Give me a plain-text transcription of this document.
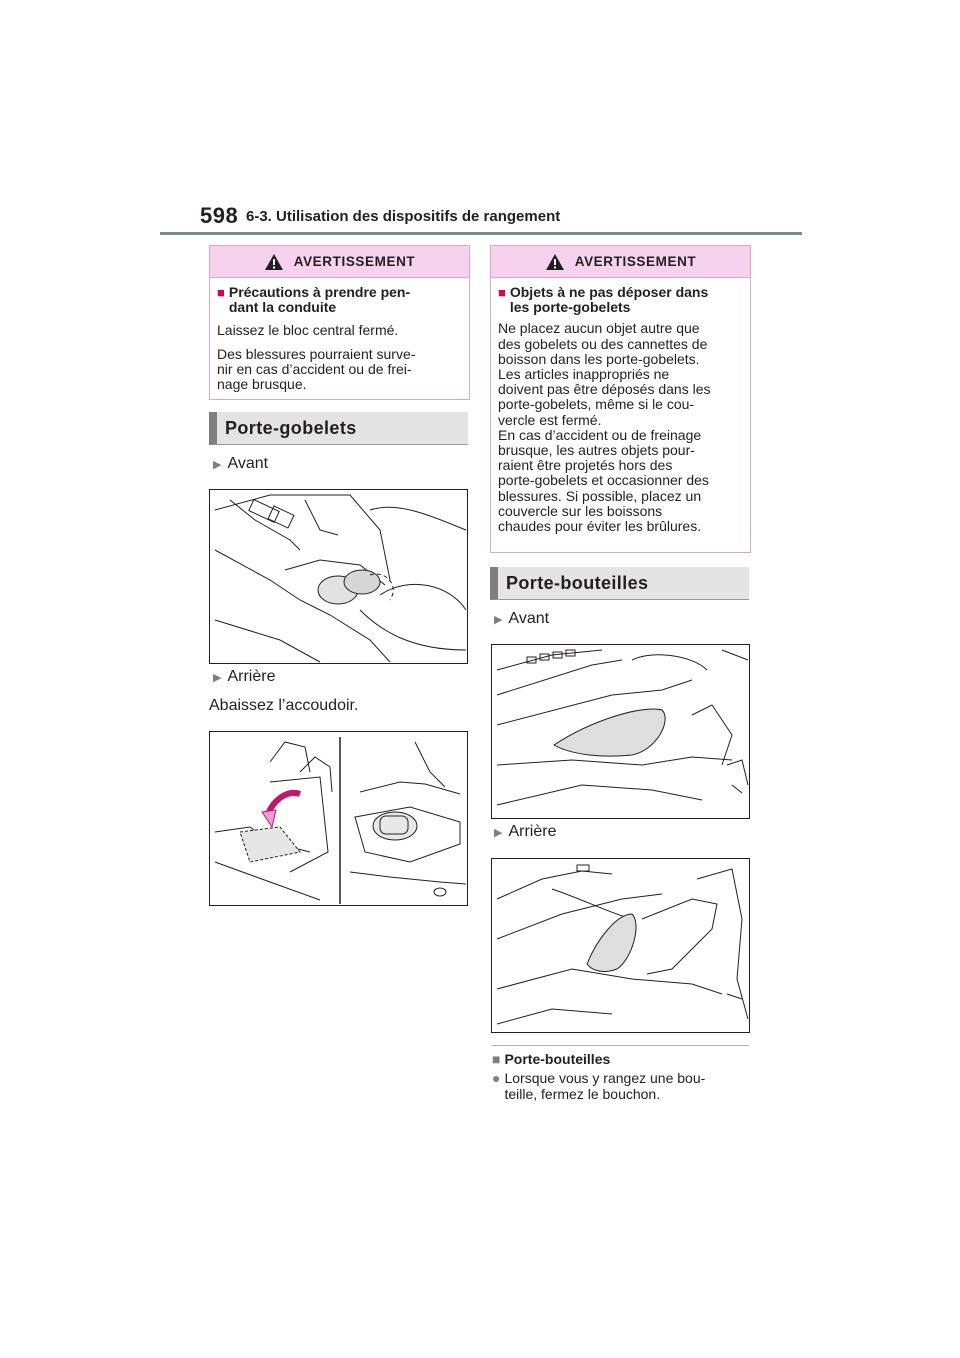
598 6-3. Utilisation des dispositifs de rangement
AVERTISSEMENT
■ Précautions à prendre pen-
dant la conduite

Laissez le bloc central fermé.

Des blessures pourraient surve-
nir en cas d’accident ou de frei-
nage brusque.

Porte-gobelets
▶ Avant
▶ Arrière
Abaissez l’accoudoir.
AVERTISSEMENT
■ Objets à ne pas déposer dans
les porte-gobelets

Ne placez aucun objet autre que
des gobelets ou des cannettes de
boisson dans les porte-gobelets.
Les articles inappropriés ne
doivent pas être déposés dans les
porte-gobelets, même si le cou-
vercle est fermé.
En cas d’accident ou de freinage
brusque, les autres objets pour-
raient être projetés hors des
porte-gobelets et occasionner des
blessures. Si possible, placez un
couvercle sur les boissons
chaudes pour éviter les brûlures.

Porte-bouteilles
▶ Avant
▶ Arrière
■ Porte-bouteilles
● Lorsque vous y rangez une bou-
teille, fermez le bouchon.
